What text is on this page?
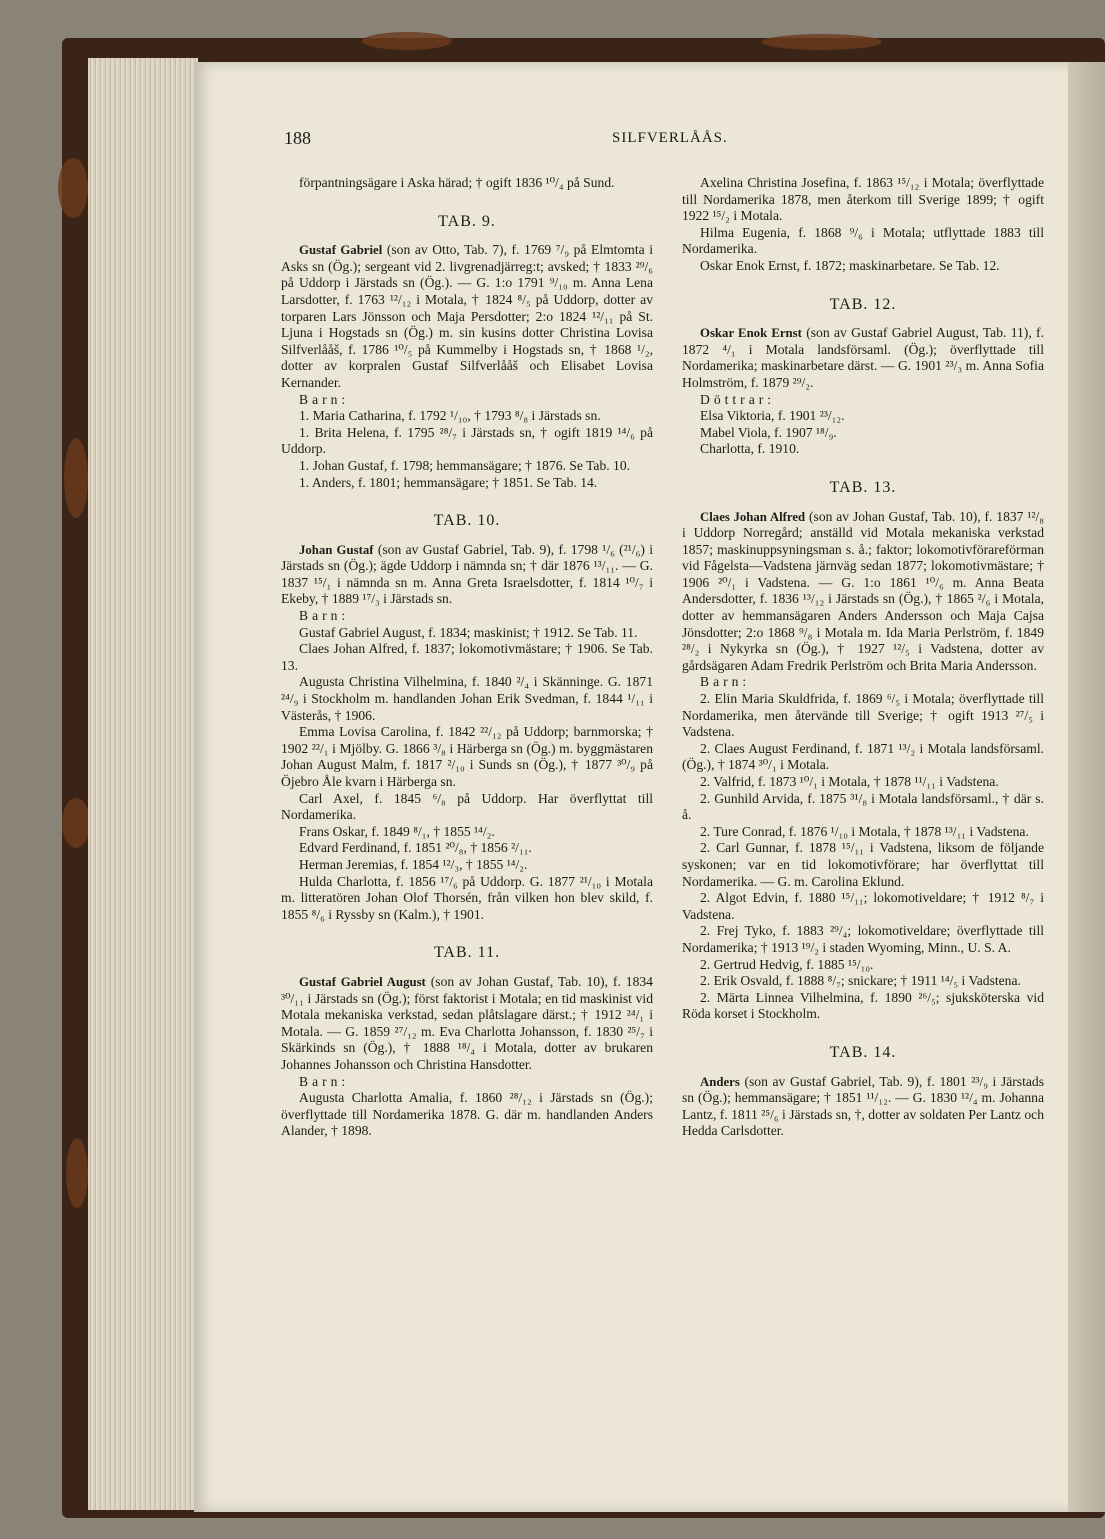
188	SILFVERLÅÅS.

förpantningsägare i Aska härad; † ogift 1836 ¹⁰/₄ på Sund.

TAB. 9.

Gustaf Gabriel (son av Otto, Tab. 7), f. 1769 ⁷/₉ på Elmtomta i Asks sn (Ög.); sergeant vid 2. livgrenadjärreg:t; avsked; † 1833 ²⁹/₆ på Uddorp i Järstads sn (Ög.). — G. 1:o 1791 ⁹/₁₀ m. Anna Lena Larsdotter, f. 1763 ¹²/₁₂ i Motala, † 1824 ⁸/₅ på Uddorp, dotter av torparen Lars Jönsson och Maja Persdotter; 2:o 1824 ¹²/₁₁ på St. Ljuna i Hogstads sn (Ög.) m. sin kusins dotter Christina Lovisa Silfverlååš, f. 1786 ¹⁰/₅ på Kummelby i Hogstads sn, † 1868 ¹/₂, dotter av korpralen Gustaf Silfverlååš och Elisabet Lovisa Kernander.

Barn:

1. Maria Catharina, f. 1792 ¹/₁₀, † 1793 ⁸/₈ i Järstads sn.

1. Brita Helena, f. 1795 ²⁸/₇ i Järstads sn, † ogift 1819 ¹⁴/₆ på Uddorp.

1. Johan Gustaf, f. 1798; hemmansägare; † 1876. Se Tab. 10.

1. Anders, f. 1801; hemmansägare; † 1851. Se Tab. 14.

TAB. 10.

Johan Gustaf (son av Gustaf Gabriel, Tab. 9), f. 1798 ¹/₆ (²¹/₆) i Järstads sn (Ög.); ägde Uddorp i nämnda sn; † där 1876 ¹³/₁₁. — G. 1837 ¹⁵/₁ i nämnda sn m. Anna Greta Israelsdotter, f. 1814 ¹⁰/₇ i Ekeby, † 1889 ¹⁷/₃ i Järstads sn.

Barn:

Gustaf Gabriel August, f. 1834; maskinist; † 1912. Se Tab. 11.

Claes Johan Alfred, f. 1837; lokomotivmästare; † 1906. Se Tab. 13.

Augusta Christina Vilhelmina, f. 1840 ²/₄ i Skänninge. G. 1871 ²⁴/₉ i Stockholm m. handlanden Johan Erik Svedman, f. 1844 ¹/₁₁ i Västerås, † 1906.

Emma Lovisa Carolina, f. 1842 ²²/₁₂ på Uddorp; barnmorska; † 1902 ²²/₁ i Mjölby. G. 1866 ³/₈ i Härberga sn (Ög.) m. byggmästaren Johan August Malm, f. 1817 ²/₁₀ i Sunds sn (Ög.), † 1877 ³⁰/₉ på Öjebro Åle kvarn i Härberga sn.

Carl Axel, f. 1845 ⁶/₈ på Uddorp. Har överflyttat till Nordamerika.

Frans Oskar, f. 1849 ⁸/₁, † 1855 ¹⁴/₂.

Edvard Ferdinand, f. 1851 ²⁰/₈, † 1856 ²/₁₁.

Herman Jeremias, f. 1854 ¹²/₃, † 1855 ¹⁴/₂.

Hulda Charlotta, f. 1856 ¹⁷/₆ på Uddorp. G. 1877 ²¹/₁₀ i Motala m. litteratören Johan Olof Thorsén, från vilken hon blev skild, f. 1855 ⁸/₆ i Ryssby sn (Kalm.), † 1901.

TAB. 11.

Gustaf Gabriel August (son av Johan Gustaf, Tab. 10), f. 1834 ³⁰/₁₁ i Järstads sn (Ög.); först faktorist i Motala; en tid maskinist vid Motala mekaniska verkstad, sedan plåtslagare därst.; † 1912 ²⁴/₁ i Motala. — G. 1859 ²⁷/₁₂ m. Eva Charlotta Johansson, f. 1830 ²⁵/₇ i Skärkinds sn (Ög.), † 1888 ¹⁸/₄ i Motala, dotter av brukaren Johannes Johansson och Christina Hansdotter.

Barn:

Augusta Charlotta Amalia, f. 1860 ²⁸/₁₂ i Järstads sn (Ög.); överflyttade till Nordamerika 1878. G. där m. handlanden Anders Alander, † 1898.

Axelina Christina Josefina, f. 1863 ¹⁵/₁₂ i Motala; överflyttade till Nordamerika 1878, men återkom till Sverige 1899; † ogift 1922 ¹⁵/₂ i Motala.

Hilma Eugenia, f. 1868 ⁹/₆ i Motala; utflyttade 1883 till Nordamerika.

Oskar Enok Ernst, f. 1872; maskinarbetare. Se Tab. 12.

TAB. 12.

Oskar Enok Ernst (son av Gustaf Gabriel August, Tab. 11), f. 1872 ⁴/₁ i Motala landsförsaml. (Ög.); överflyttade till Nordamerika; maskinarbetare därst. — G. 1901 ²³/₃ m. Anna Sofia Holmström, f. 1879 ²⁹/₂.

Döttrar:

Elsa Viktoria, f. 1901 ²³/₁₂.

Mabel Viola, f. 1907 ¹⁸/₉.

Charlotta, f. 1910.

TAB. 13.

Claes Johan Alfred (son av Johan Gustaf, Tab. 10), f. 1837 ¹²/₈ i Uddorp Norregård; anställd vid Motala mekaniska verkstad 1857; maskinuppsyningsman s. å.; faktor; lokomotivförareförman vid Fågelsta—Vadstena järnväg sedan 1877; lokomotivmästare; † 1906 ²⁰/₁ i Vadstena. — G. 1:o 1861 ¹⁰/₆ m. Anna Beata Andersdotter, f. 1836 ¹³/₁₂ i Järstads sn (Ög.), † 1865 ²/₆ i Motala, dotter av hemmansägaren Anders Andersson och Maja Cajsa Jönsdotter; 2:o 1868 ⁹/₈ i Motala m. Ida Maria Perlström, f. 1849 ²⁸/₂ i Nykyrka sn (Ög.), † 1927 ¹²/₅ i Vadstena, dotter av gårdsägaren Adam Fredrik Perlström och Brita Maria Andersson.

Barn:

2. Elin Maria Skuldfrida, f. 1869 ⁶/₅ i Motala; överflyttade till Nordamerika, men återvände till Sverige; † ogift 1913 ²⁷/₅ i Vadstena.

2. Claes August Ferdinand, f. 1871 ¹³/₂ i Motala landsförsaml. (Ög.), † 1874 ³⁰/₁ i Motala.

2. Valfrid, f. 1873 ¹⁰/₁ i Motala, † 1878 ¹¹/₁₁ i Vadstena.

2. Gunhild Arvida, f. 1875 ³¹/₈ i Motala landsförsaml., † där s. å.

2. Ture Conrad, f. 1876 ¹/₁₀ i Motala, † 1878 ¹³/₁₁ i Vadstena.

2. Carl Gunnar, f. 1878 ¹⁵/₁₁ i Vadstena, liksom de följande syskonen; var en tid lokomotivförare; har överflyttat till Nordamerika. — G. m. Carolina Eklund.

2. Algot Edvin, f. 1880 ¹⁵/₁₁; lokomotiveldare; † 1912 ⁸/₇ i Vadstena.

2. Frej Tyko, f. 1883 ²⁹/₄; lokomotiveldare; överflyttade till Nordamerika; † 1913 ¹⁹/₂ i staden Wyoming, Minn., U. S. A.

2. Gertrud Hedvig, f. 1885 ¹⁵/₁₀.

2. Erik Osvald, f. 1888 ⁸/₇; snickare; † 1911 ¹⁴/₅ i Vadstena.

2. Märta Linnea Vilhelmina, f. 1890 ²⁶/₅; sjuksköterska vid Röda korset i Stockholm.

TAB. 14.

Anders (son av Gustaf Gabriel, Tab. 9), f. 1801 ²³/₉ i Järstads sn (Ög.); hemmansägare; † 1851 ¹¹/₁₂. — G. 1830 ¹²/₄ m. Johanna Lantz, f. 1811 ²⁵/₆ i Järstads sn, †, dotter av soldaten Per Lantz och Hedda Carlsdotter.
